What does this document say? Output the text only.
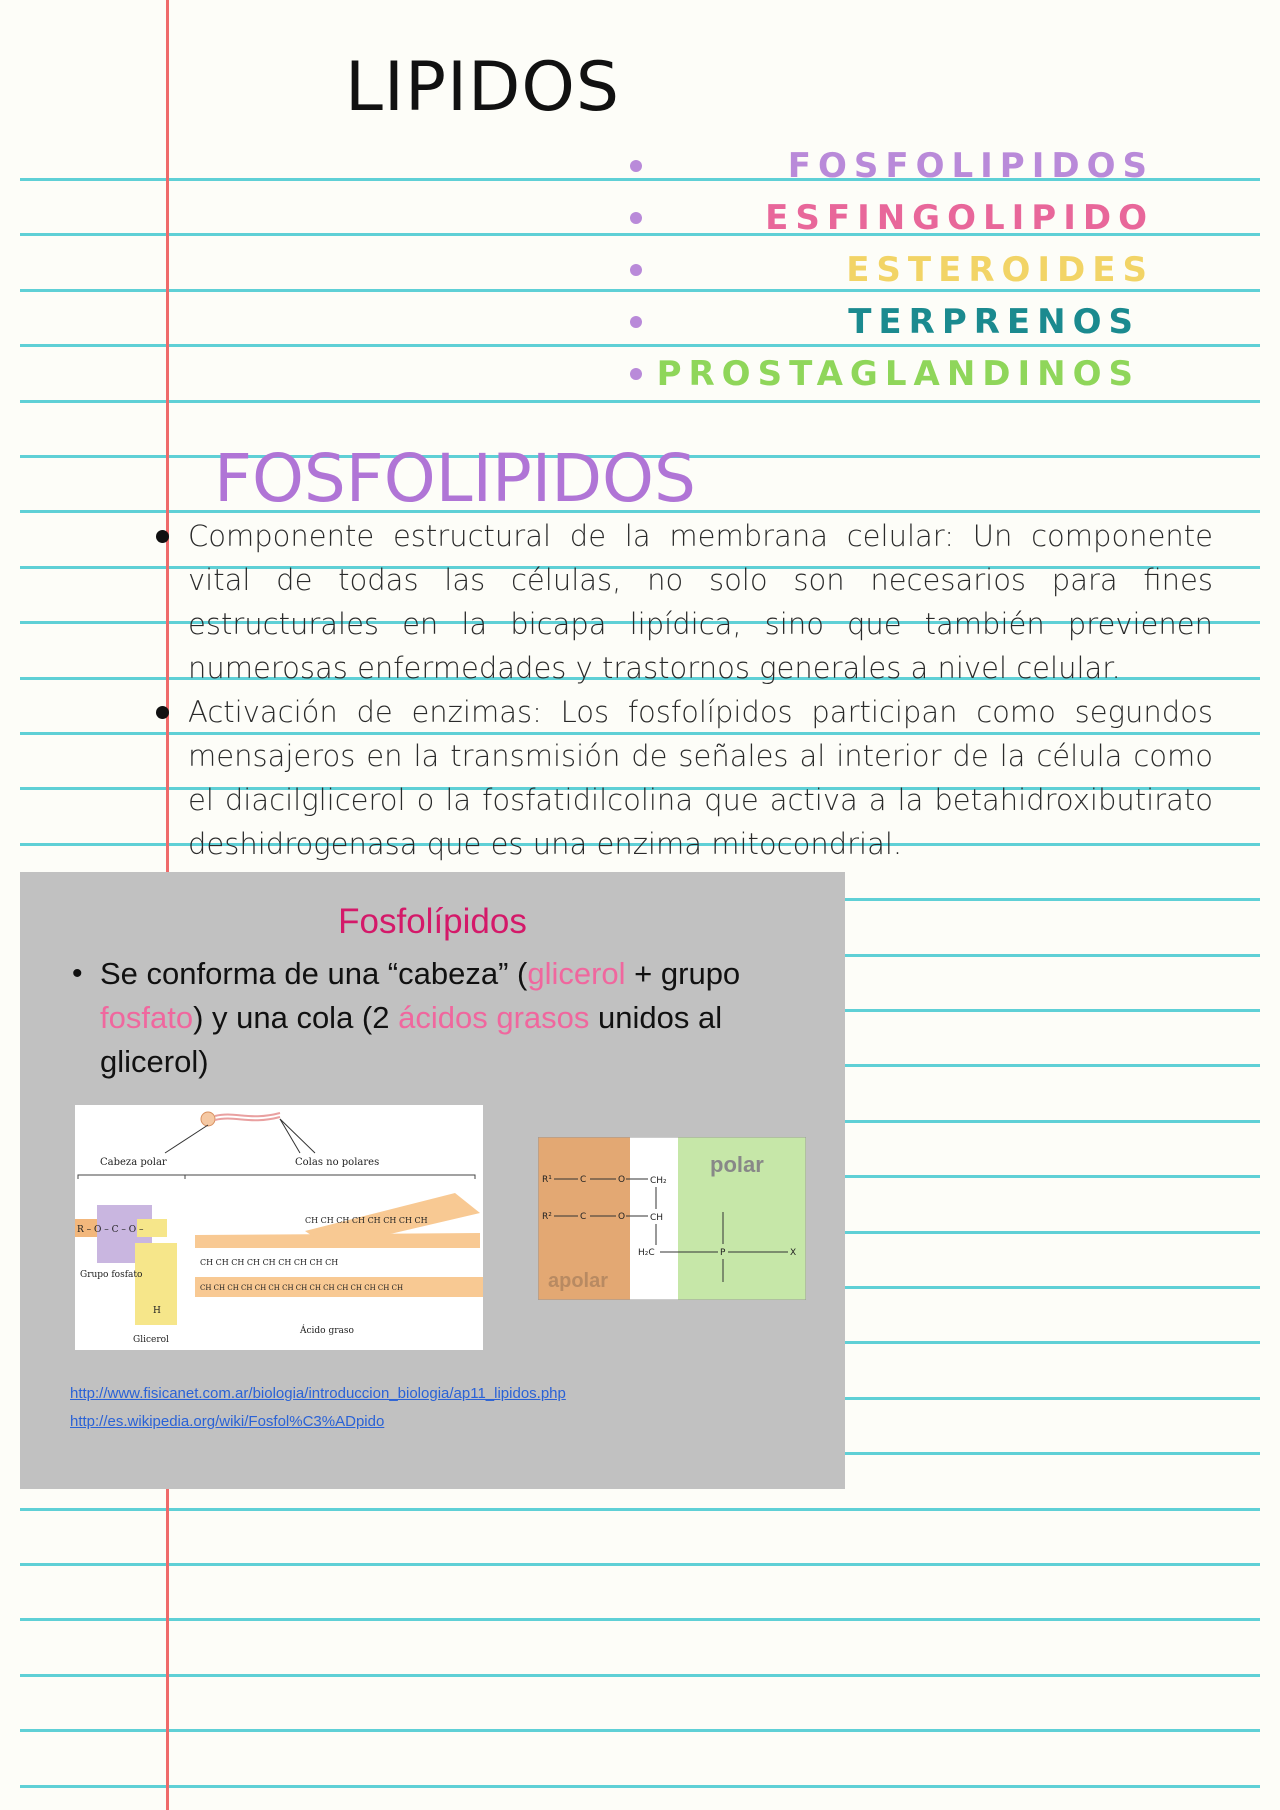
LIPIDOS
FOSFOLIPIDOS
ESFINGOLIPIDO
ESTEROIDES
TERPRENOS
PROSTAGLANDINOS
FOSFOLIPIDOS
Componente estructural de la membrana celular: Un componente vital de todas las células, no solo son necesarios para fines estructurales en la bicapa lipídica, sino que también previenen numerosas enfermedades y trastornos generales a nivel celular.
Activación de enzimas: Los fosfolípidos participan como segundos mensajeros en la transmisión de señales al interior de la célula como el diacilglicerol o la fosfatidilcolina que activa a la betahidroxibutirato deshidrogenasa que es una enzima mitocondrial.
Fosfolípidos
• Se conforma de una “cabeza” (glicerol + grupo fosfato) y una cola (2 ácidos grasos unidos al glicerol)
Cabeza polar	Colas no polares
R – O – C – O –
CH CH CH CH CH CH CH CH
CH CH CH CH CH CH CH CH CH
CH CH CH CH CH CH CH CH CH CH CH CH CH CH CH
Grupo fosfato
H
Glicerol
Ácido graso
polar
apolar
R¹
R²
C
C
O
O
CH₂
CH
H₂C	P	X
http://www.fisicanet.com.ar/biologia/introduccion_biologia/ap11_lipidos.php
http://es.wikipedia.org/wiki/Fosfol%C3%ADpido
